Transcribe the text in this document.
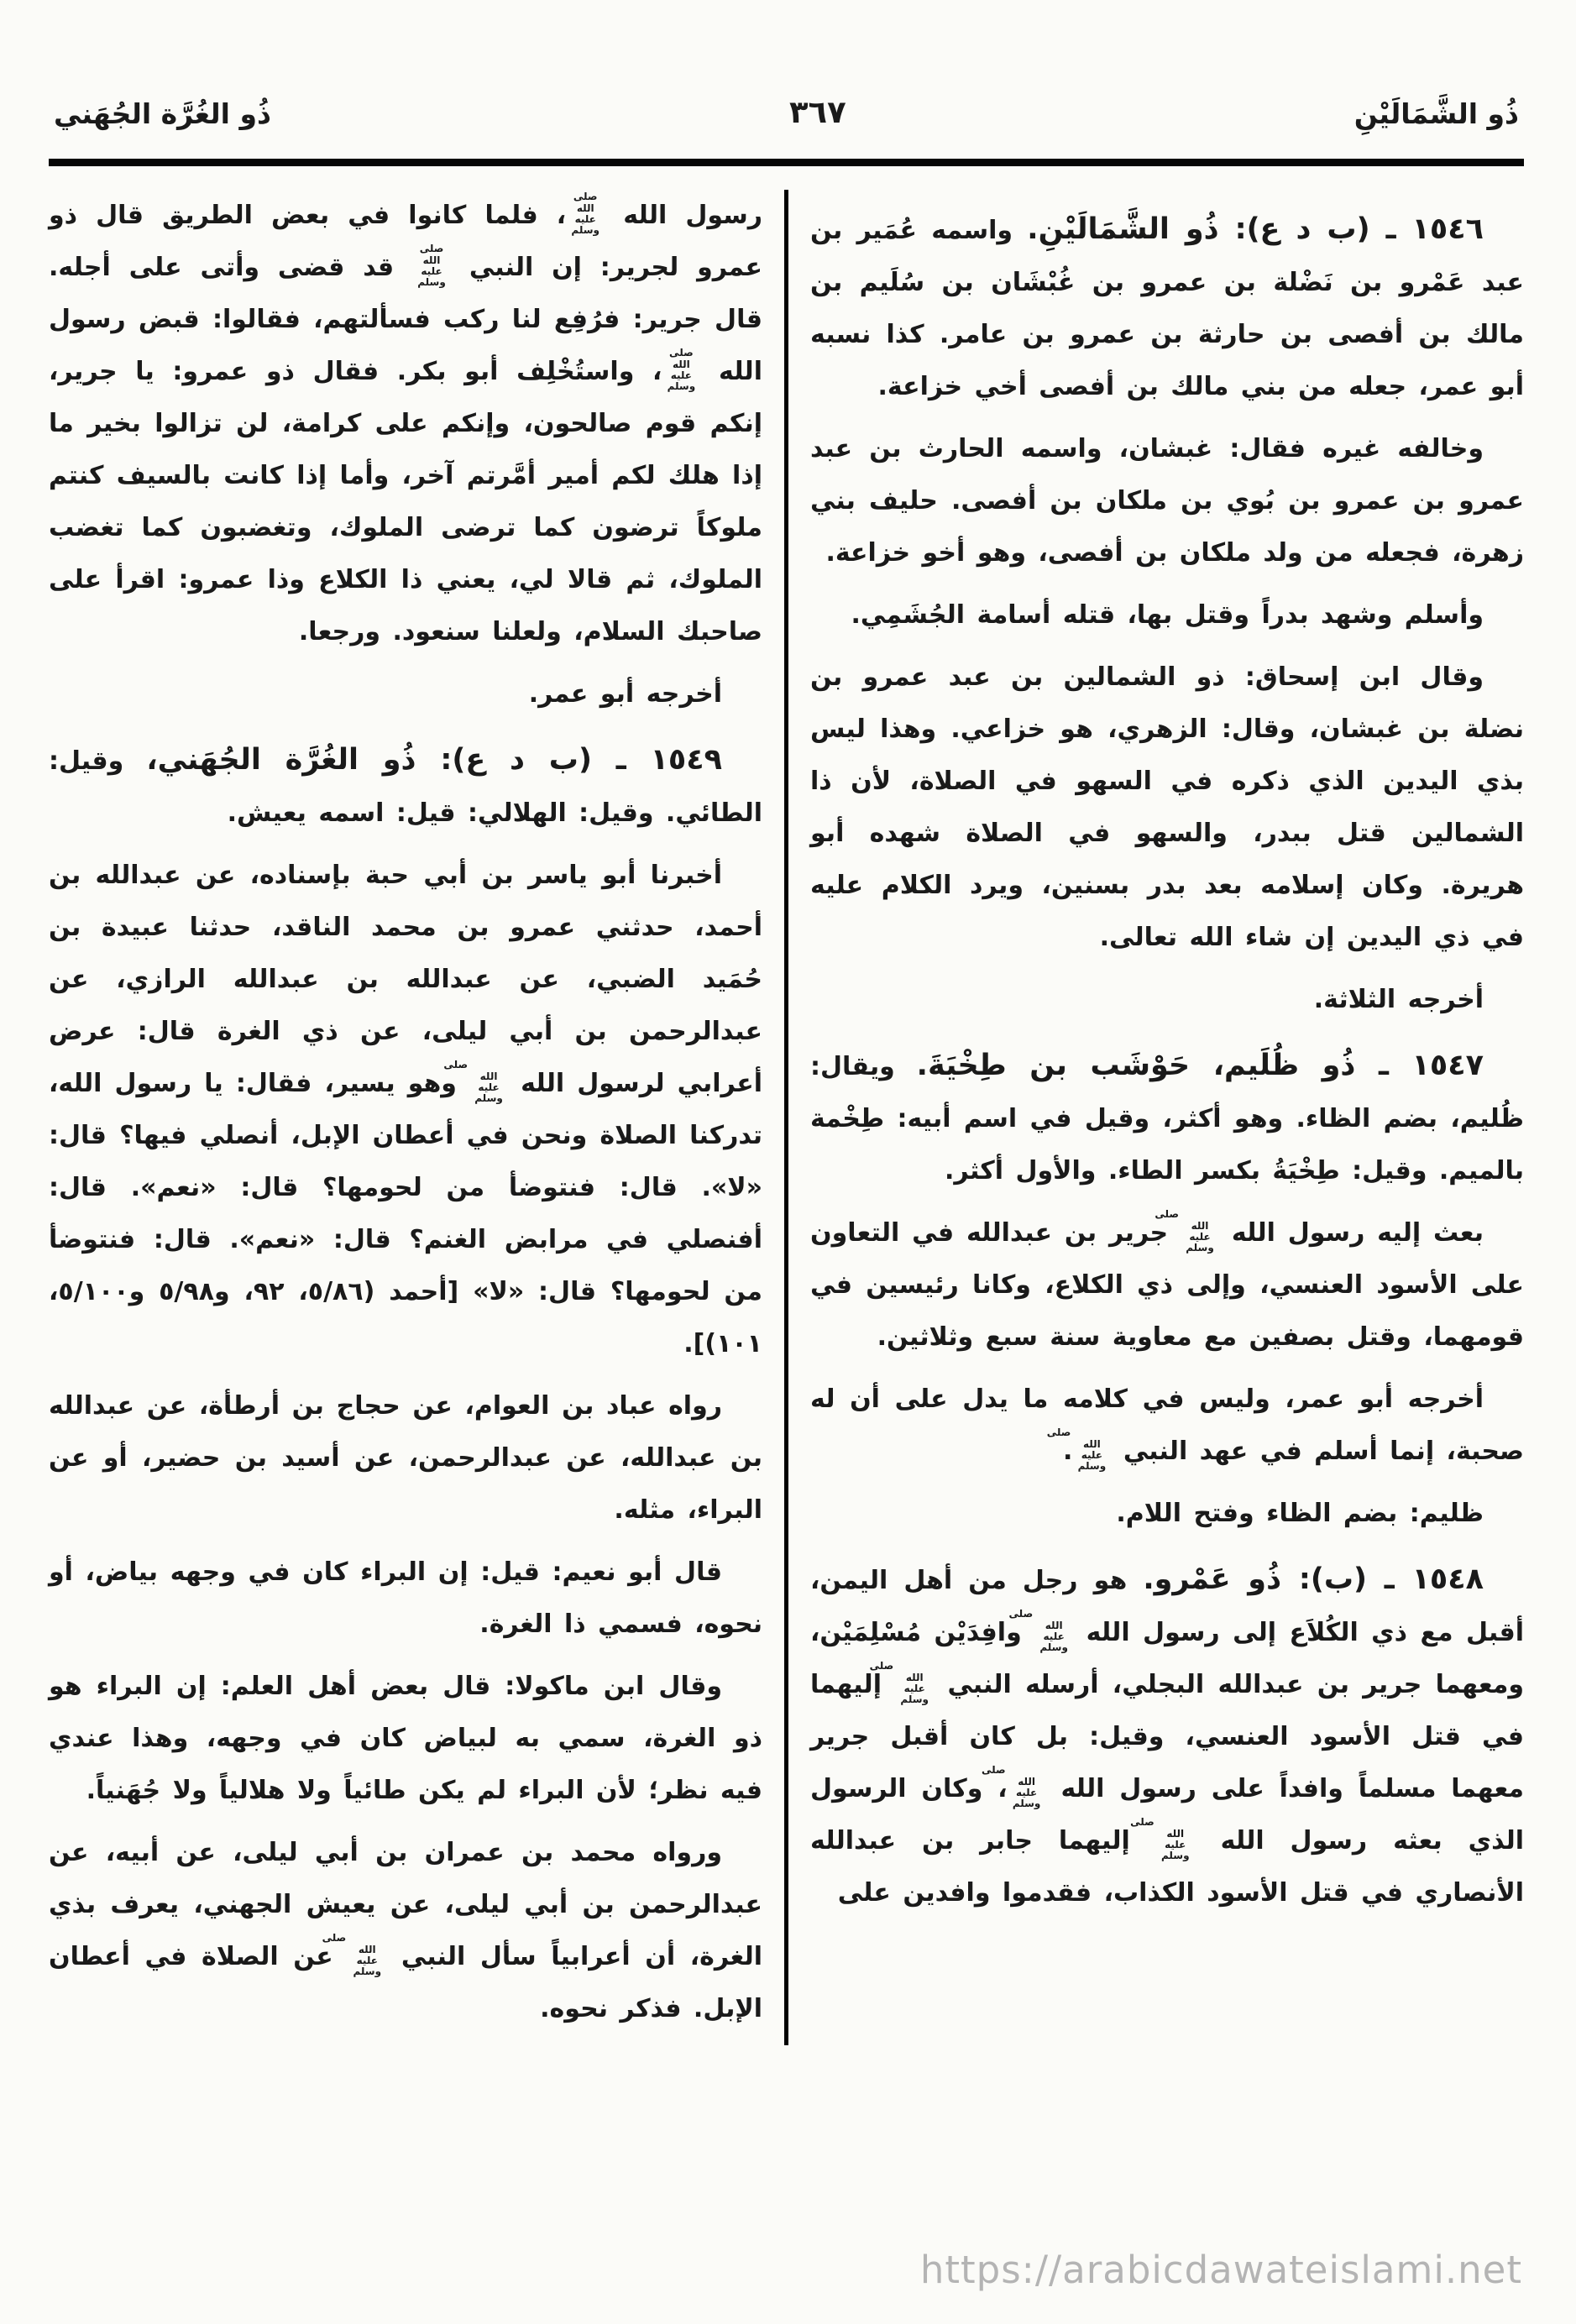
ذُو الشَّمَالَيْنِ
٣٦٧
ذُو الغُرَّة الجُهَني

١٥٤٦ ـ (ب د ع): ذُو الشَّمَالَيْنِ. واسمه عُمَير بن عبد عَمْرو بن نَضْلة بن عمرو بن غُبْشَان بن سُلَيم بن مالك بن أفصى بن حارثة بن عمرو بن عامر. كذا نسبه أبو عمر، جعله من بني مالك بن أفصى أخي خزاعة.

وخالفه غيره فقال: غبشان، واسمه الحارث بن عبد عمرو بن عمرو بن بُوي بن ملكان بن أفصى. حليف بني زهرة، فجعله من ولد ملكان بن أفصى، وهو أخو خزاعة.

وأسلم وشهد بدراً وقتل بها، قتله أسامة الجُشَمِي.

وقال ابن إسحاق: ذو الشمالين بن عبد عمرو بن نضلة بن غبشان، وقال: الزهري، هو خزاعي. وهذا ليس بذي اليدين الذي ذكره في السهو في الصلاة، لأن ذا الشمالين قتل ببدر، والسهو في الصلاة شهده أبو هريرة. وكان إسلامه بعد بدر بسنين، ويرد الكلام عليه في ذي اليدين إن شاء الله تعالى.

أخرجه الثلاثة.

١٥٤٧ ـ ذُو ظُلَيم، حَوْشَب بن طِخْيَةَ. ويقال: ظُليم، بضم الظاء. وهو أكثر، وقيل في اسم أبيه: طِخْمة بالميم. وقيل: طِخْيَةُ بكسر الطاء. والأول أكثر.

بعث إليه رسول الله صلى الله عليه وسلم جرير بن عبدالله في التعاون على الأسود العنسي، وإلى ذي الكلاع، وكانا رئيسين في قومهما، وقتل بصفين مع معاوية سنة سبع وثلاثين.

أخرجه أبو عمر، وليس في كلامه ما يدل على أن له صحبة، إنما أسلم في عهد النبي صلى الله عليه وسلم.

ظليم: بضم الظاء وفتح اللام.

١٥٤٨ ـ (ب): ذُو عَمْرو. هو رجل من أهل اليمن، أقبل مع ذي الكُلاَع إلى رسول الله صلى الله عليه وسلم وافِدَيْن مُسْلِمَيْن، ومعهما جرير بن عبدالله البجلي، أرسله النبي صلى الله عليه وسلم إليهما في قتل الأسود العنسي، وقيل: بل كان أقبل جرير معهما مسلماً وافداً على رسول الله صلى الله عليه وسلم، وكان الرسول الذي بعثه رسول الله صلى الله عليه وسلم إليهما جابر بن عبدالله الأنصاري في قتل الأسود الكذاب، فقدموا وافدين على

رسول الله صلى الله عليه وسلم، فلما كانوا في بعض الطريق قال ذو عمرو لجرير: إن النبي صلى الله عليه وسلم قد قضى وأتى على أجله. قال جرير: فرُفِع لنا ركب فسألتهم، فقالوا: قبض رسول الله صلى الله عليه وسلم، واستُخْلِف أبو بكر. فقال ذو عمرو: يا جرير، إنكم قوم صالحون، وإنكم على كرامة، لن تزالوا بخير ما إذا هلك لكم أمير أمَّرتم آخر، وأما إذا كانت بالسيف كنتم ملوكاً ترضون كما ترضى الملوك، وتغضبون كما تغضب الملوك، ثم قالا لي، يعني ذا الكلاع وذا عمرو: اقرأ على صاحبك السلام، ولعلنا سنعود. ورجعا.

أخرجه أبو عمر.

١٥٤٩ ـ (ب د ع): ذُو الغُرَّة الجُهَني، وقيل: الطائي. وقيل: الهلالي: قيل: اسمه يعيش.

أخبرنا أبو ياسر بن أبي حبة بإسناده، عن عبدالله بن أحمد، حدثني عمرو بن محمد الناقد، حدثنا عبيدة بن حُمَيد الضبي، عن عبدالله بن عبدالله الرازي، عن عبدالرحمن بن أبي ليلى، عن ذي الغرة قال: عرض أعرابي لرسول الله صلى الله عليه وسلم وهو يسير، فقال: يا رسول الله، تدركنا الصلاة ونحن في أعطان الإبل، أنصلي فيها؟ قال: «لا». قال: فنتوضأ من لحومها؟ قال: «نعم». قال: أفنصلي في مرابض الغنم؟ قال: «نعم». قال: فنتوضأ من لحومها؟ قال: «لا» [أحمد (٥/٨٦، ٩٢، و٥/٩٨ و٥/١٠٠، ١٠١)].

رواه عباد بن العوام، عن حجاج بن أرطأة، عن عبدالله بن عبدالله، عن عبدالرحمن، عن أسيد بن حضير، أو عن البراء، مثله.

قال أبو نعيم: قيل: إن البراء كان في وجهه بياض، أو نحوه، فسمي ذا الغرة.

وقال ابن ماكولا: قال بعض أهل العلم: إن البراء هو ذو الغرة، سمي به لبياض كان في وجهه، وهذا عندي فيه نظر؛ لأن البراء لم يكن طائياً ولا هلالياً ولا جُهَنياً.

ورواه محمد بن عمران بن أبي ليلى، عن أبيه، عن عبدالرحمن بن أبي ليلى، عن يعيش الجهني، يعرف بذي الغرة، أن أعرابياً سأل النبي صلى الله عليه وسلم عن الصلاة في أعطان الإبل. فذكر نحوه.

https://arabicdawateislami.net
